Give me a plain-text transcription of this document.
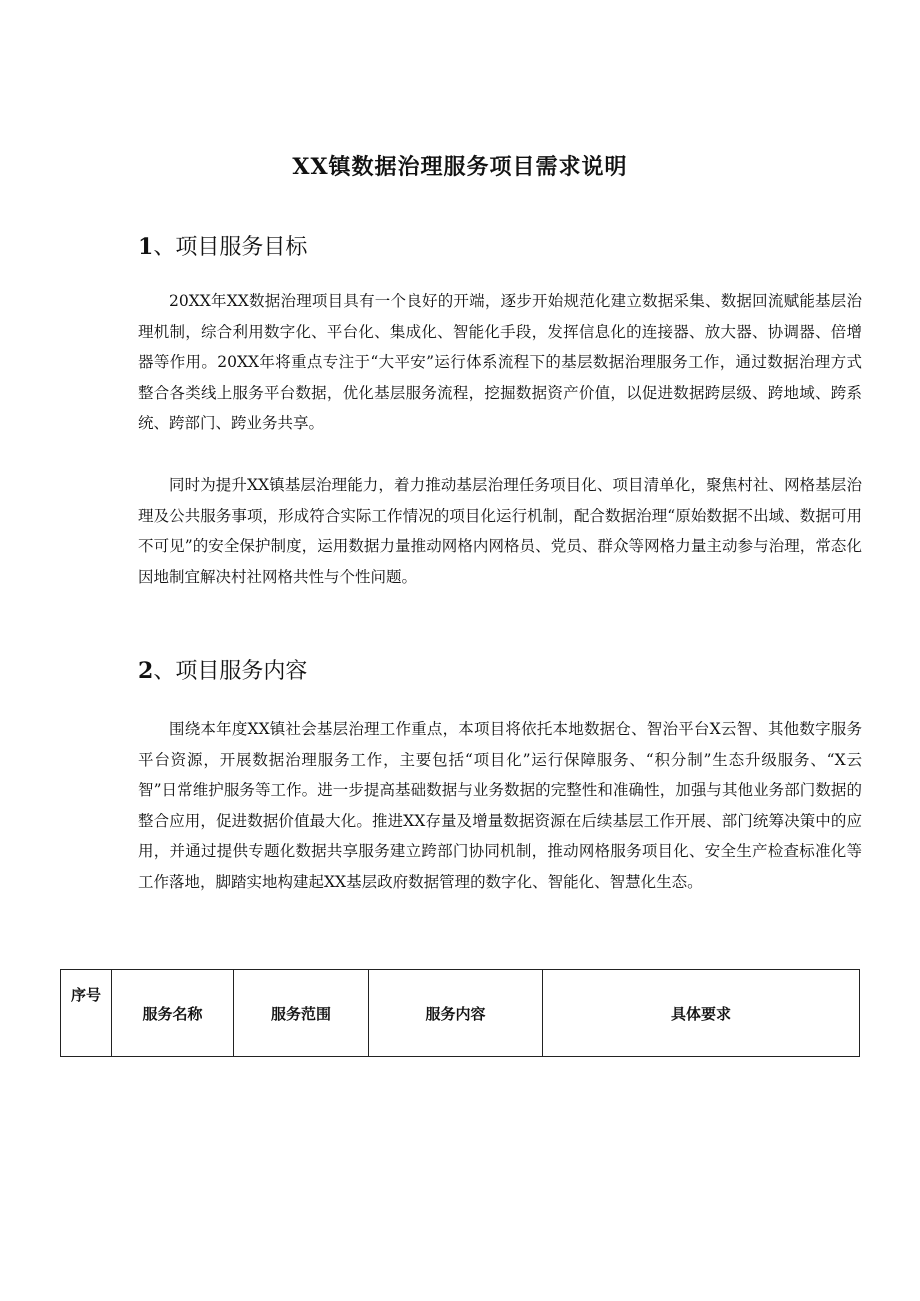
XX镇数据治理服务项目需求说明
1、项目服务目标

20XX年XX数据治理项目具有一个良好的开端，逐步开始规范化建立数据采集、数据回流赋能基层治理机制，综合利用数字化、平台化、集成化、智能化手段，发挥信息化的连接器、放大器、协调器、倍增器等作用。20XX年将重点专注于“大平安”运行体系流程下的基层数据治理服务工作，通过数据治理方式整合各类线上服务平台数据，优化基层服务流程，挖掘数据资产价值，以促进数据跨层级、跨地域、跨系统、跨部门、跨业务共享。

同时为提升XX镇基层治理能力，着力推动基层治理任务项目化、项目清单化，聚焦村社、网格基层治理及公共服务事项，形成符合实际工作情况的项目化运行机制，配合数据治理“原始数据不出域、数据可用不可见”的安全保护制度，运用数据力量推动网格内网格员、党员、群众等网格力量主动参与治理，常态化因地制宜解决村社网格共性与个性问题。

2、项目服务内容

围绕本年度XX镇社会基层治理工作重点，本项目将依托本地数据仓、智治平台X云智、其他数字服务平台资源，开展数据治理服务工作，主要包括“项目化”运行保障服务、“积分制”生态升级服务、“X云智”日常维护服务等工作。进一步提高基础数据与业务数据的完整性和准确性，加强与其他业务部门数据的整合应用，促进数据价值最大化。推进XX存量及增量数据资源在后续基层工作开展、部门统筹决策中的应用，并通过提供专题化数据共享服务建立跨部门协同机制，推动网格服务项目化、安全生产检查标准化等工作落地，脚踏实地构建起XX基层政府数据管理的数字化、智能化、智慧化生态。

序号	服务名称	服务范围	服务内容	具体要求
